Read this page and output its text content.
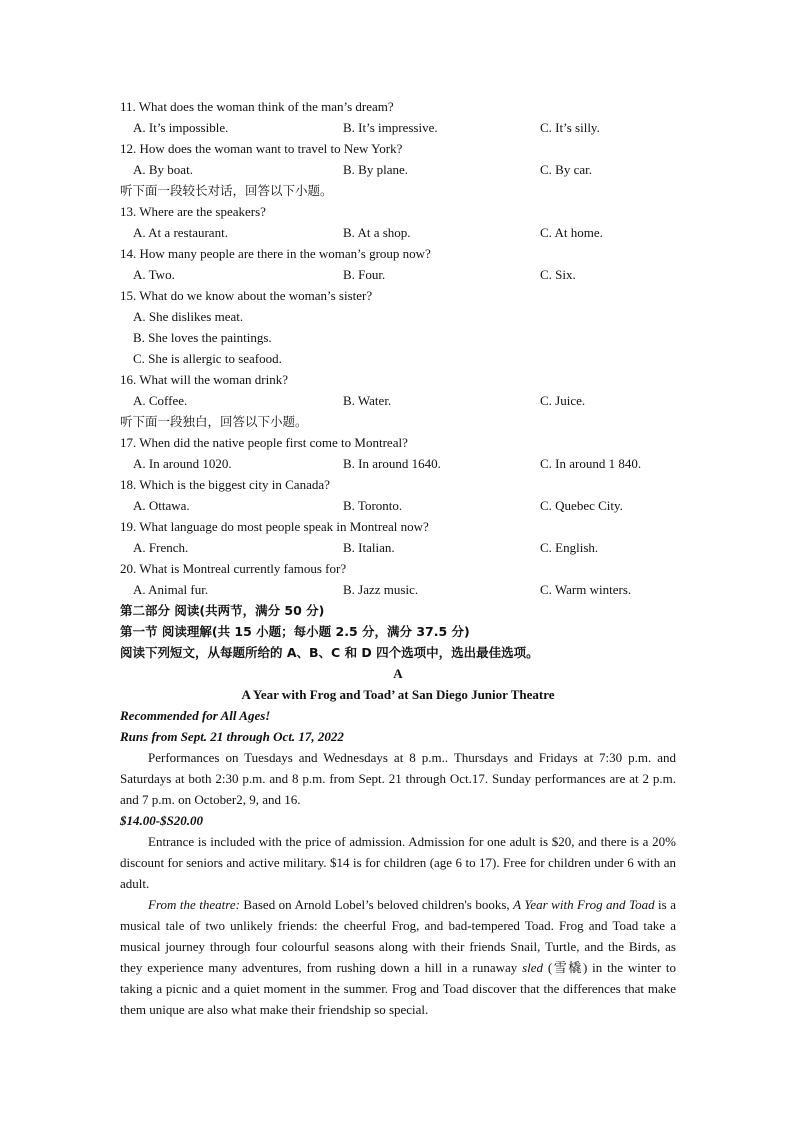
11. What does the woman think of the man’s dream?
A. It’s impossible.	B. It’s impressive.	C. It’s silly.
12. How does the woman want to travel to New York?
A. By boat.	B. By plane.	C. By car.
听下面一段较长对话，回答以下小题。
13. Where are the speakers?
A. At a restaurant.	B. At a shop.	C. At home.
14. How many people are there in the woman’s group now?
A. Two.	B. Four.	C. Six.
15. What do we know about the woman’s sister?
A. She dislikes meat.
B. She loves the paintings.
C. She is allergic to seafood.
16. What will the woman drink?
A. Coffee.	B. Water.	C. Juice.
听下面一段独白，回答以下小题。
17. When did the native people first come to Montreal?
A. In around 1020.	B. In around 1640.	C. In around 1 840.
18. Which is the biggest city in Canada?
A. Ottawa.	B. Toronto.	C. Quebec City.
19. What language do most people speak in Montreal now?
A. French.	B. Italian.	C. English.
20. What is Montreal currently famous for?
A. Animal fur.	B. Jazz music.	C. Warm winters.
第二部分 阅读(共两节，满分 50 分)
第一节 阅读理解(共 15 小题；每小题 2.5 分，满分 37.5 分)
阅读下列短文，从每题所给的 A、B、C 和 D 四个选项中，选出最佳选项。
A
A Year with Frog and Toad’ at San Diego Junior Theatre
Recommended for All Ages!
Runs from Sept. 21 through Oct. 17, 2022

Performances on Tuesdays and Wednesdays at 8 p.m.. Thursdays and Fridays at 7:30 p.m. and Saturdays at both 2:30 p.m. and 8 p.m. from Sept. 21 through Oct.17. Sunday performances are at 2 p.m. and 7 p.m. on October2, 9, and 16.

$14.00-$S20.00

Entrance is included with the price of admission. Admission for one adult is $20, and there is a 20% discount for seniors and active military. $14 is for children (age 6 to 17). Free for children under 6 with an adult.

From the theatre: Based on Arnold Lobel’s beloved children's books, A Year with Frog and Toad is a musical tale of two unlikely friends: the cheerful Frog, and bad-tempered Toad. Frog and Toad take a musical journey through four colourful seasons along with their friends Snail, Turtle, and the Birds, as they experience many adventures, from rushing down a hill in a runaway sled (雪橇) in the winter to taking a picnic and a quiet moment in the summer. Frog and Toad discover that the differences that make them unique are also what make their friendship so special.
